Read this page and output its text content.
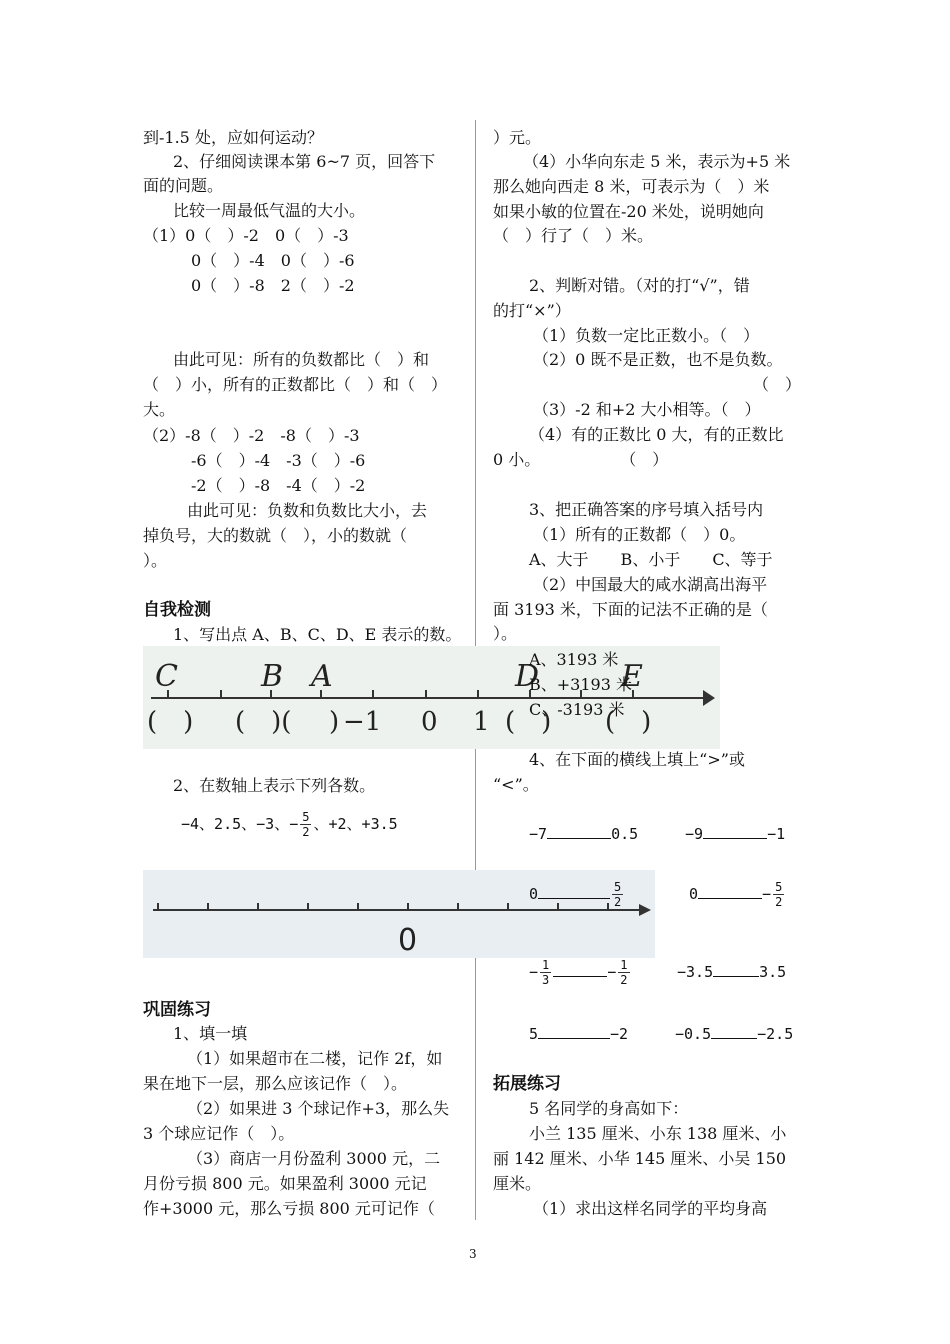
到-1.5 处，应如何运动？
2、仔细阅读课本第 6~7 页，回答下
面的问题。
比较一周最低气温的大小。
（1）0（　）-2　0（　）-3
0（　）-4　0（　）-6
0（　）-8　2（　）-2
由此可见：所有的负数都比（　）和
（　）小，所有的正数都比（　）和（　）
大。
（2）-8（　）-2　-8（　）-3
-6（　）-4　-3（　）-6
-2（　）-8　-4（　）-2
由此可见：负数和负数比大小，去
掉负号，大的数就（　），小的数就（
）。
自我检测
1、写出点 A、B、C、D、E 表示的数。
2、在数轴上表示下列各数。
−4、2.5、−3、− $\frac{5}{2}$ 、+2、+3.5
巩固练习
1、填一填
（1）如果超市在二楼，记作 2f，如
果在地下一层，那么应该记作（　）。
（2）如果进 3 个球记作+3，那么失
3 个球应记作（　）。
（3）商店一月份盈利 3000 元，二
月份亏损 800 元。如果盈利 3000 元记
作+3000 元，那么亏损 800 元可记作（
C	B A	D	E
−1 0 1
(　) (　)( 　)	(　) (　)
0
）元。
（4）小华向东走 5 米，表示为+5 米
那么她向西走 8 米，可表示为（　）米
如果小敏的位置在-20 米处，说明她向
（　）行了（　）米。
2、判断对错。（对的打“√”，错
的打“×”）
（1）负数一定比正数小。（　）
（2）0 既不是正数，也不是负数。
（　）
（3）-2 和+2 大小相等。（　）
（4）有的正数比 0 大，有的正数比
0 小。　　　　　　（　）
3、把正确答案的序号填入括号内
（1）所有的正数都（　）0。
A、大于　　B、小于　　C、等于
（2）中国最大的咸水湖高出海平
面 3193 米，下面的记法不正确的是（
）。
A、3193 米
B、+3193 米
C、-3193 米
4、在下面的横线上填上“>”或
“<”。
−7	0.5	−9	−1
0	$\frac{5}{2}$	0	− $\frac{5}{2}$
− $\frac{1}{3}$	− $\frac{1}{2}$	−3.5	3.5
5	−2	−0.5	−2.5
拓展练习
5 名同学的身高如下：
小兰 135 厘米、小东 138 厘米、小
丽 142 厘米、小华 145 厘米、小吴 150
厘米。
（1）求出这样名同学的平均身高
3
